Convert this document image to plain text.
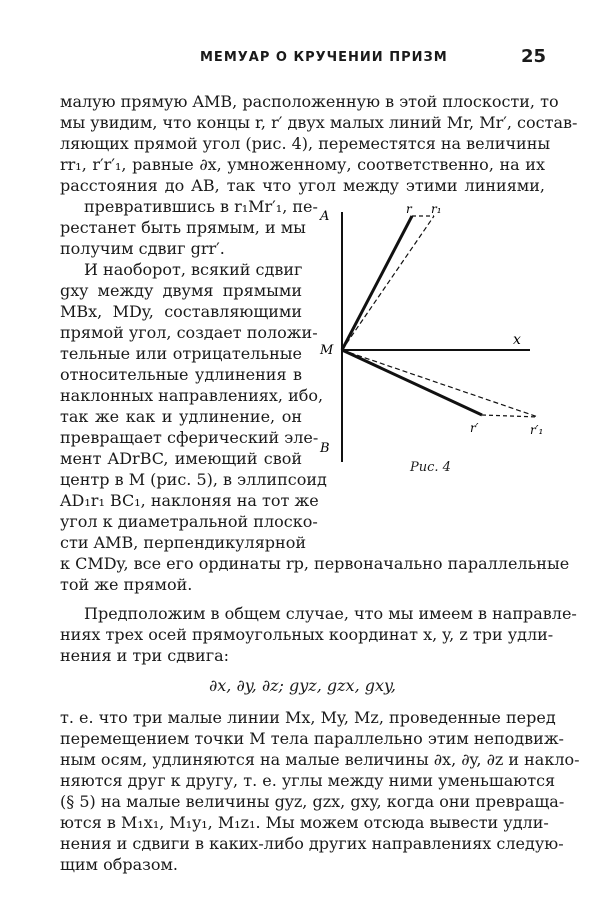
МЕМУАР О КРУЧЕНИИ ПРИЗМ	25
малую прямую AMB, расположенную в этой плоскости, то
мы увидим, что концы r, r′ двух малых линий Mr, Mr′, состав-
ляющих прямой угол (рис. 4), переместятся на величины
rr₁, r′r′₁, равные ∂x, умноженному, соответственно, на их
расстояния до AB, так что угол между этими линиями,
превратившись в r₁Mr′₁, пе-
рестанет быть прямым, и мы
получим сдвиг grr′.
И наоборот, всякий сдвиг
gxy между двумя прямыми
MBx, MDy, составляющими
прямой угол, создает положи-
тельные или отрицательные
относительные удлинения в
наклонных направлениях, ибо,
так же как и удлинение, он
превращает сферический эле-
мент ADrBC, имеющий свой
центр в M (рис. 5), в эллипсоид
AD₁r₁ BC₁, наклоняя на тот же
угол к диаметральной плоско-
сти AMB, перпендикулярной
к CMDy, все его ординаты rp, первоначально параллельные
той же прямой.
Предположим в общем случае, что мы имеем в направле-
ниях трех осей прямоугольных координат x, y, z три удли-
нения и три сдвига:
∂x, ∂y, ∂z; gyz, gzx, gxy,
т. е. что три малые линии Mx, My, Mz, проведенные перед
перемещением точки M тела параллельно этим неподвиж-
ным осям, удлиняются на малые величины ∂x, ∂y, ∂z и накло-
няются друг к другу, т. е. углы между ними уменьшаются
(§ 5) на малые величины gyz, gzx, gxy, когда они превраща-
ются в M₁x₁, M₁y₁, M₁z₁. Мы можем отсюда вывести удли-
нения и сдвиги в каких-либо других направлениях следую-
щим образом.
A
B
M
x
r r₁
r′	r′₁
Рис. 4
